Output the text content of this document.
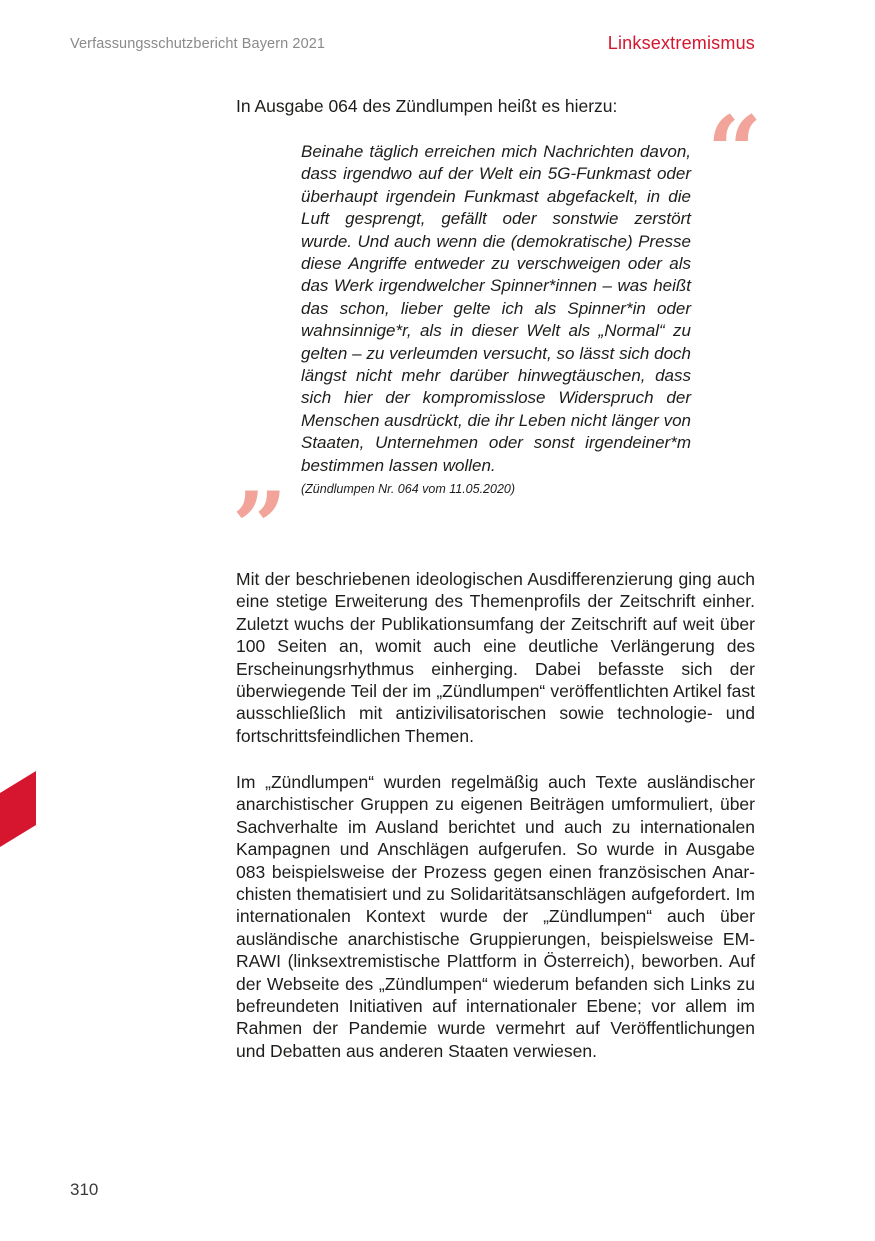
Verfassungsschutzbericht Bayern 2021	Linksextremismus
In Ausgabe 064 des Zündlumpen heißt es hierzu: “

Beinahe täglich erreichen mich Nachrichten davon, dass irgendwo auf der Welt ein 5G-Funkmast oder überhaupt irgendein Funkmast abgefackelt, in die Luft gesprengt, gefällt oder sonstwie zerstört wurde. Und auch wenn die (demokratische) Presse diese Angriffe entweder zu verschweigen oder als das Werk irgendwelcher Spinner*innen – was heißt das schon, lieber gelte ich als Spinner*in oder wahnsinnige*r, als in dieser Welt als „Normal“ zu gelten – zu verleumden versucht, so lässt sich doch längst nicht mehr darüber hinwegtäuschen, dass sich hier der kompromisslose Widerspruch der Menschen ausdrückt, die ihr Leben nicht länger von Staaten, Unternehmen oder sonst irgendeiner*m bestimmen lassen wollen.

(Zündlumpen Nr. 064 vom 11.05.2020)
”

Mit der beschriebenen ideologischen Ausdifferenzierung ging auch eine stetige Erweiterung des Themenprofils der Zeitschrift einher. Zuletzt wuchs der Publikationsumfang der Zeitschrift auf weit über 100 Seiten an, womit auch eine deutliche Verlängerung des Erscheinungsrhythmus einherging. Dabei befasste sich der überwiegende Teil der im „Zündlumpen“ veröffentlichten Artikel fast ausschließlich mit antizivilisatorischen sowie technologie- und fortschrittsfeindlichen Themen.

Im „Zündlumpen“ wurden regelmäßig auch Texte ausländischer anarchistischer Gruppen zu eigenen Beiträgen umformuliert, über Sachverhalte im Ausland berichtet und auch zu internationalen Kampagnen und Anschlägen aufgerufen. So wurde in Ausgabe 083 beispielsweise der Prozess gegen einen französischen Anarchisten thematisiert und zu Solidaritätsanschlägen aufgefordert. Im internationalen Kontext wurde der „Zündlumpen“ auch über ausländische anarchistische Gruppierungen, beispielsweise EMRAWI (linksextremistische Plattform in Österreich), beworben. Auf der Webseite des „Zündlumpen“ wiederum befanden sich Links zu befreundeten Initiativen auf internationaler Ebene; vor allem im Rahmen der Pandemie wurde vermehrt auf Veröffentlichungen und Debatten aus anderen Staaten verwiesen.

310
